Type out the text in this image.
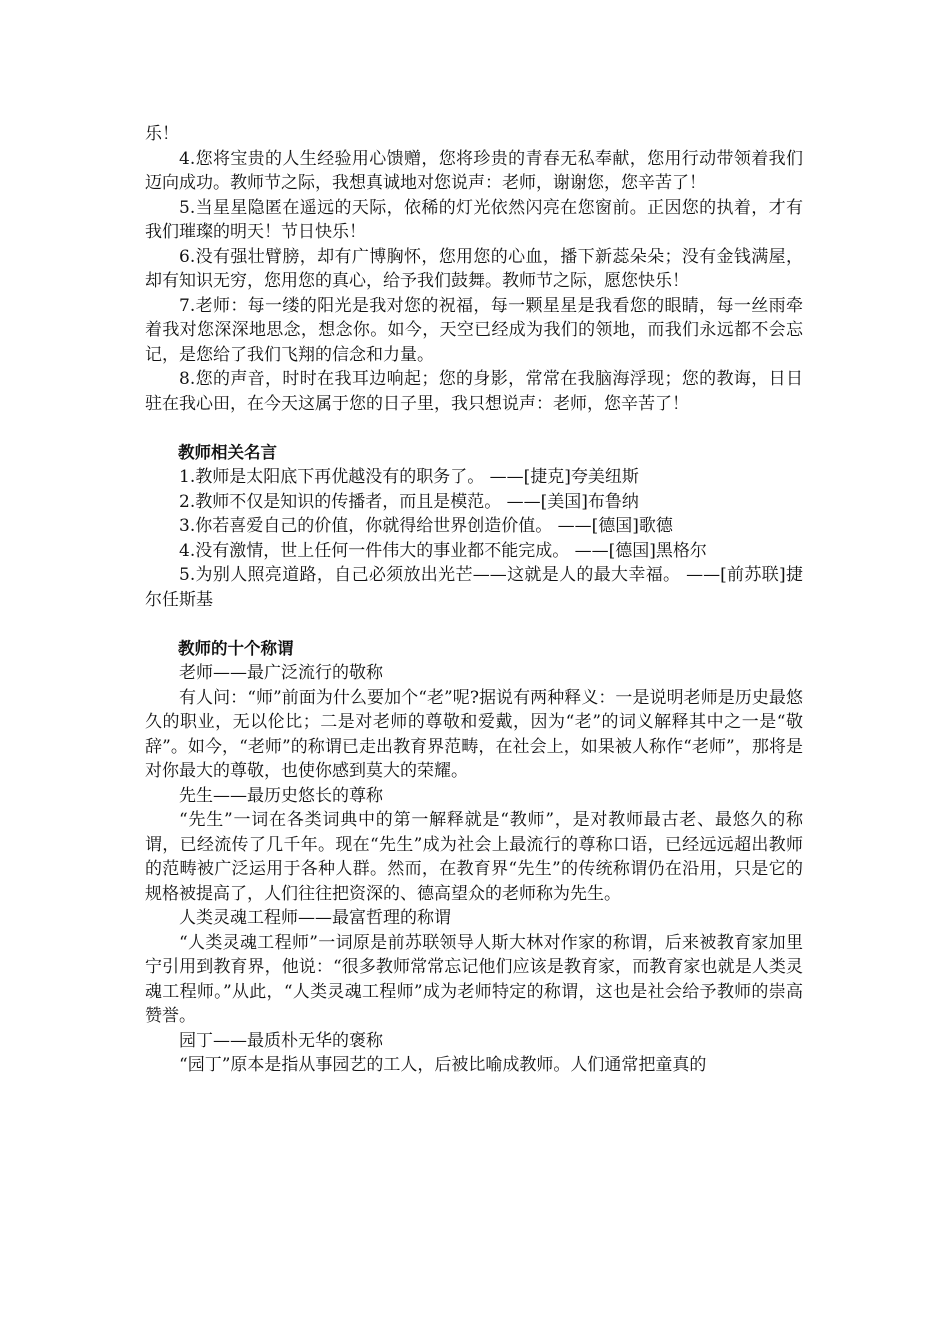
乐！

4.您将宝贵的人生经验用心馈赠，您将珍贵的青春无私奉献，您用行动带领着我们迈向成功。教师节之际，我想真诚地对您说声：老师，谢谢您，您辛苦了！

5.当星星隐匿在遥远的天际，依稀的灯光依然闪亮在您窗前。正因您的执着，才有我们璀璨的明天！节日快乐！

6.没有强壮臂膀，却有广博胸怀，您用您的心血，播下新蕊朵朵；没有金钱满屋，却有知识无穷，您用您的真心，给予我们鼓舞。教师节之际，愿您快乐！

7.老师：每一缕的阳光是我对您的祝福，每一颗星星是我看您的眼睛，每一丝雨牵着我对您深深地思念，想念你。如今，天空已经成为我们的领地，而我们永远都不会忘记，是您给了我们飞翔的信念和力量。

8.您的声音，时时在我耳边响起；您的身影，常常在我脑海浮现；您的教诲，日日驻在我心田，在今天这属于您的日子里，我只想说声：老师，您辛苦了！

教师相关名言

1.教师是太阳底下再优越没有的职务了。 ——[捷克]夸美纽斯

2.教师不仅是知识的传播者，而且是模范。 ——[美国]布鲁纳

3.你若喜爱自己的价值，你就得给世界创造价值。 ——[德国]歌德

4.没有激情，世上任何一件伟大的事业都不能完成。 ——[德国]黑格尔

5.为别人照亮道路，自己必须放出光芒——这就是人的最大幸福。 ——[前苏联]捷尔任斯基

教师的十个称谓

老师——最广泛流行的敬称

有人问：“师”前面为什么要加个“老”呢?据说有两种释义：一是说明老师是历史最悠久的职业，无以伦比；二是对老师的尊敬和爱戴，因为“老”的词义解释其中之一是“敬辞”。如今，“老师”的称谓已走出教育界范畴，在社会上，如果被人称作“老师”，那将是对你最大的尊敬，也使你感到莫大的荣耀。

先生——最历史悠长的尊称

“先生”一词在各类词典中的第一解释就是“教师”，是对教师最古老、最悠久的称谓，已经流传了几千年。现在“先生”成为社会上最流行的尊称口语，已经远远超出教师的范畴被广泛运用于各种人群。然而，在教育界“先生”的传统称谓仍在沿用，只是它的规格被提高了，人们往往把资深的、德高望众的老师称为先生。

人类灵魂工程师——最富哲理的称谓

“人类灵魂工程师”一词原是前苏联领导人斯大林对作家的称谓，后来被教育家加里宁引用到教育界，他说：“很多教师常常忘记他们应该是教育家，而教育家也就是人类灵魂工程师。”从此，“人类灵魂工程师”成为老师特定的称谓，这也是社会给予教师的崇高赞誉。

园丁——最质朴无华的褒称

“园丁”原本是指从事园艺的工人，后被比喻成教师。人们通常把童真的
